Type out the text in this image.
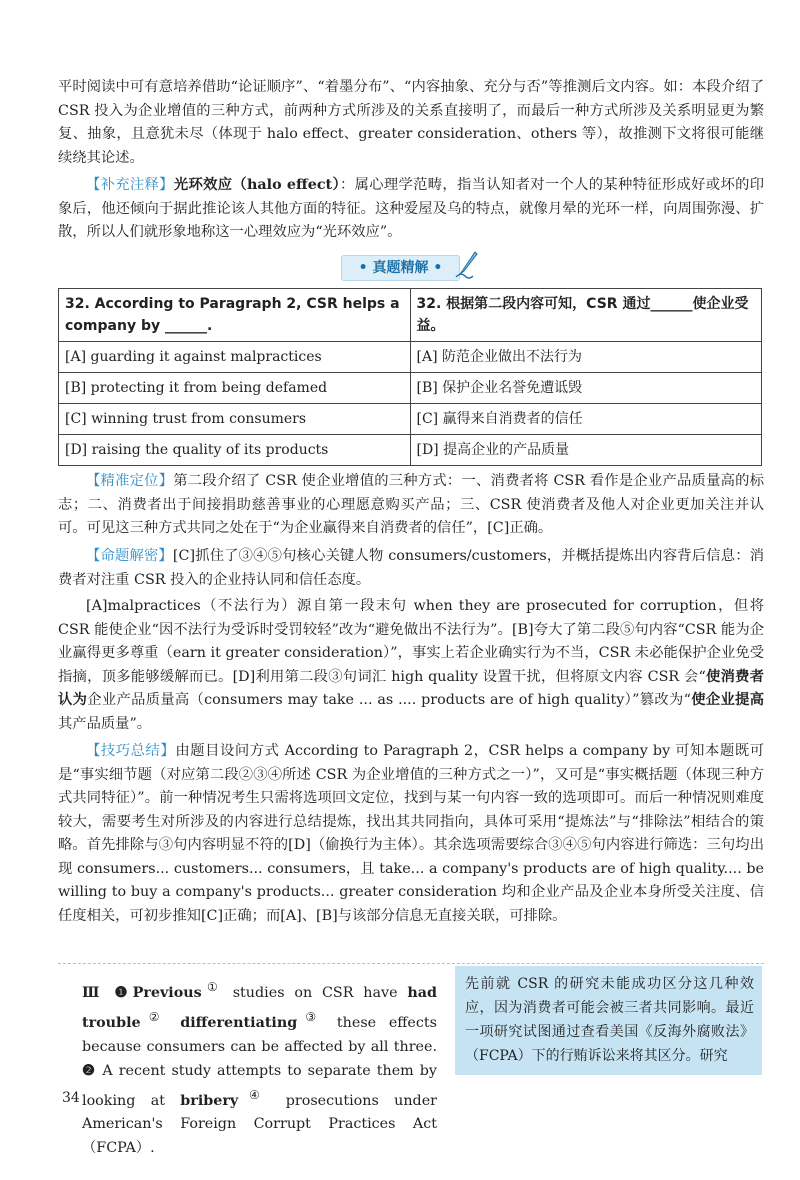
平时阅读中可有意培养借助“论证顺序”、“着墨分布”、“内容抽象、充分与否”等推测后文内容。如：本段介绍了 CSR 投入为企业增值的三种方式，前两种方式所涉及的关系直接明了，而最后一种方式所涉及关系明显更为繁复、抽象，且意犹未尽（体现于 halo effect、greater consideration、others 等），故推测下文将很可能继续绕其论述。
【补充注释】光环效应（halo effect）：属心理学范畴，指当认知者对一个人的某种特征形成好或坏的印象后，他还倾向于据此推论该人其他方面的特征。这种爱屋及乌的特点，就像月晕的光环一样，向周围弥漫、扩散，所以人们就形象地称这一心理效应为“光环效应”。
• 真题精解 •
32. According to Paragraph 2, CSR helps a company by ______.	32. 根据第二段内容可知，CSR 通过______使企业受益。
[A] guarding it against malpractices	[A] 防范企业做出不法行为
[B] protecting it from being defamed	[B] 保护企业名誉免遭诋毁
[C] winning trust from consumers	[C] 赢得来自消费者的信任
[D] raising the quality of its products	[D] 提高企业的产品质量
【精准定位】第二段介绍了 CSR 使企业增值的三种方式：一、消费者将 CSR 看作是企业产品质量高的标志；二、消费者出于间接捐助慈善事业的心理愿意购买产品；三、CSR 使消费者及他人对企业更加关注并认可。可见这三种方式共同之处在于“为企业赢得来自消费者的信任”，[C]正确。
【命题解密】[C]抓住了③④⑤句核心关键人物 consumers/customers，并概括提炼出内容背后信息：消费者对注重 CSR 投入的企业持认同和信任态度。
[A]malpractices（不法行为）源自第一段末句 when they are prosecuted for corruption，但将 CSR 能使企业“因不法行为受诉时受罚较轻”改为“避免做出不法行为”。[B]夸大了第二段⑤句内容“CSR 能为企业赢得更多尊重（earn it greater consideration）”，事实上若企业确实行为不当，CSR 未必能保护企业免受指摘，顶多能够缓解而已。[D]利用第二段③句词汇 high quality 设置干扰，但将原文内容 CSR 会“使消费者认为企业产品质量高（consumers may take ... as .... products are of high quality）”篡改为“使企业提高其产品质量”。
【技巧总结】由题目设问方式 According to Paragraph 2，CSR helps a company by 可知本题既可是“事实细节题（对应第二段②③④所述 CSR 为企业增值的三种方式之一）”，又可是“事实概括题（体现三种方式共同特征）”。前一种情况考生只需将选项回文定位，找到与某一句内容一致的选项即可。而后一种情况则难度较大，需要考生对所涉及的内容进行总结提炼，找出其共同指向，具体可采用“提炼法”与“排除法”相结合的策略。首先排除与③句内容明显不符的[D]（偷换行为主体）。其余选项需要综合③④⑤句内容进行筛选：三句均出现 consumers... customers... consumers，且 take... a company's products are of high quality.... be willing to buy a company's products... greater consideration 均和企业产品及企业本身所受关注度、信任度相关，可初步推知[C]正确；而[A]、[B]与该部分信息无直接关联，可排除。
Ⅲ ❶Previous① studies on CSR have had trouble② differentiating③ these effects because consumers can be affected by all three. ❷ A recent study attempts to separate them by looking at bribery④ prosecutions under American's Foreign Corrupt Practices Act（FCPA）.
先前就 CSR 的研究未能成功区分这几种效应，因为消费者可能会被三者共同影响。最近一项研究试图通过查看美国《反海外腐败法》（FCPA）下的行贿诉讼来将其区分。研究
34
